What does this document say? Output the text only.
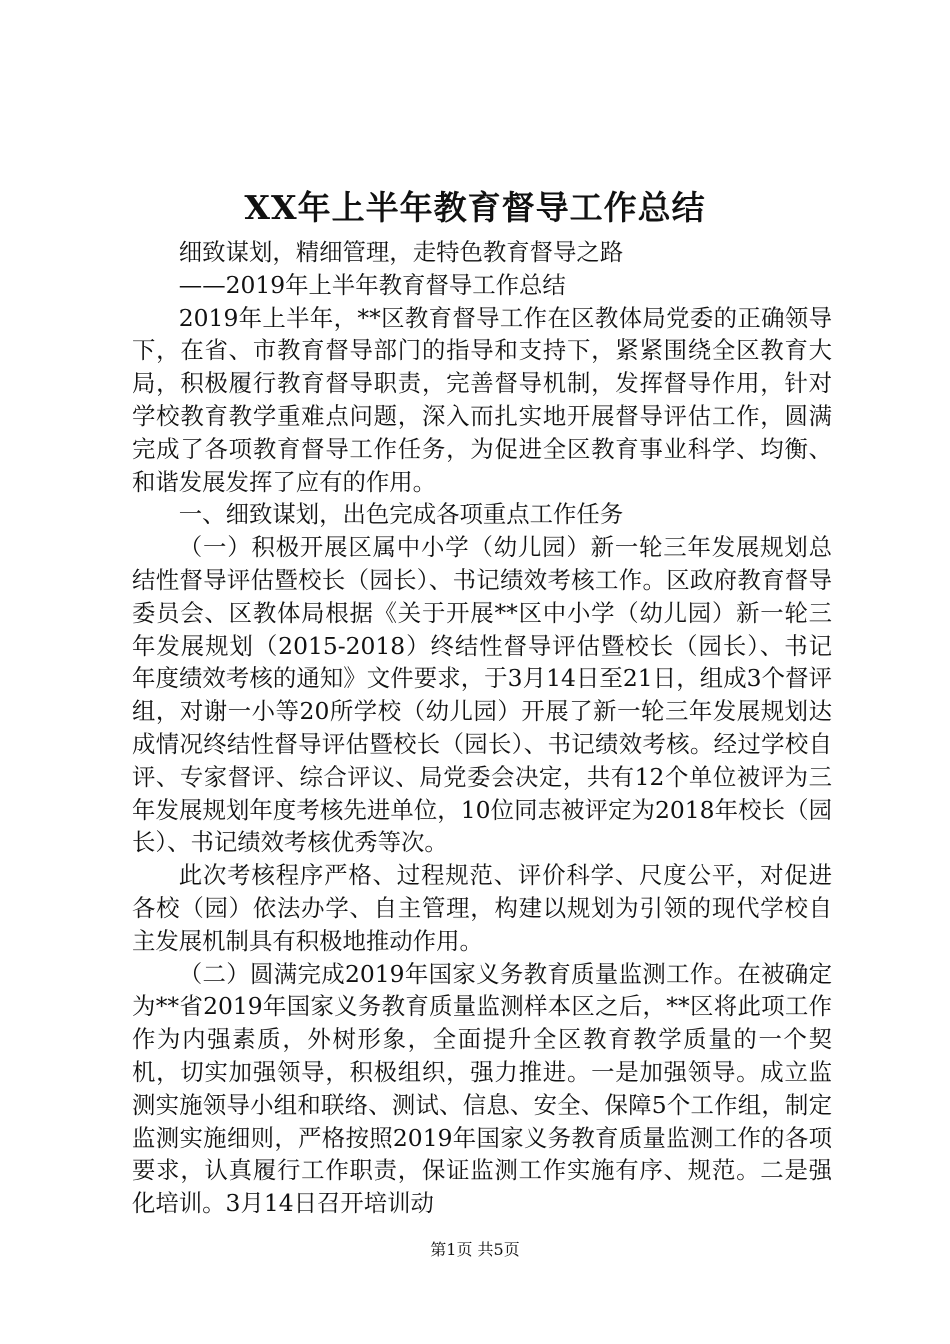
XX年上半年教育督导工作总结

细致谋划，精细管理，走特色教育督导之路

——2019年上半年教育督导工作总结

2019年上半年，**区教育督导工作在区教体局党委的正确领导下，在省、市教育督导部门的指导和支持下，紧紧围绕全区教育大局，积极履行教育督导职责，完善督导机制，发挥督导作用，针对学校教育教学重难点问题，深入而扎实地开展督导评估工作，圆满完成了各项教育督导工作任务，为促进全区教育事业科学、均衡、和谐发展发挥了应有的作用。

一、细致谋划，出色完成各项重点工作任务

（一）积极开展区属中小学（幼儿园）新一轮三年发展规划总结性督导评估暨校长（园长）、书记绩效考核工作。区政府教育督导委员会、区教体局根据《关于开展**区中小学（幼儿园）新一轮三年发展规划（2015-2018）终结性督导评估暨校长（园长）、书记年度绩效考核的通知》文件要求，于3月14日至21日，组成3个督评组，对谢一小等20所学校（幼儿园）开展了新一轮三年发展规划达成情况终结性督导评估暨校长（园长）、书记绩效考核。经过学校自评、专家督评、综合评议、局党委会决定，共有12个单位被评为三年发展规划年度考核先进单位，10位同志被评定为2018年校长（园长）、书记绩效考核优秀等次。

此次考核程序严格、过程规范、评价科学、尺度公平，对促进各校（园）依法办学、自主管理，构建以规划为引领的现代学校自主发展机制具有积极地推动作用。

（二）圆满完成2019年国家义务教育质量监测工作。在被确定为**省2019年国家义务教育质量监测样本区之后，**区将此项工作作为内强素质，外树形象，全面提升全区教育教学质量的一个契机，切实加强领导，积极组织，强力推进。一是加强领导。成立监测实施领导小组和联络、测试、信息、安全、保障5个工作组，制定监测实施细则，严格按照2019年国家义务教育质量监测工作的各项要求，认真履行工作职责，保证监测工作实施有序、规范。二是强化培训。3月14日召开培训动

第1页 共5页
